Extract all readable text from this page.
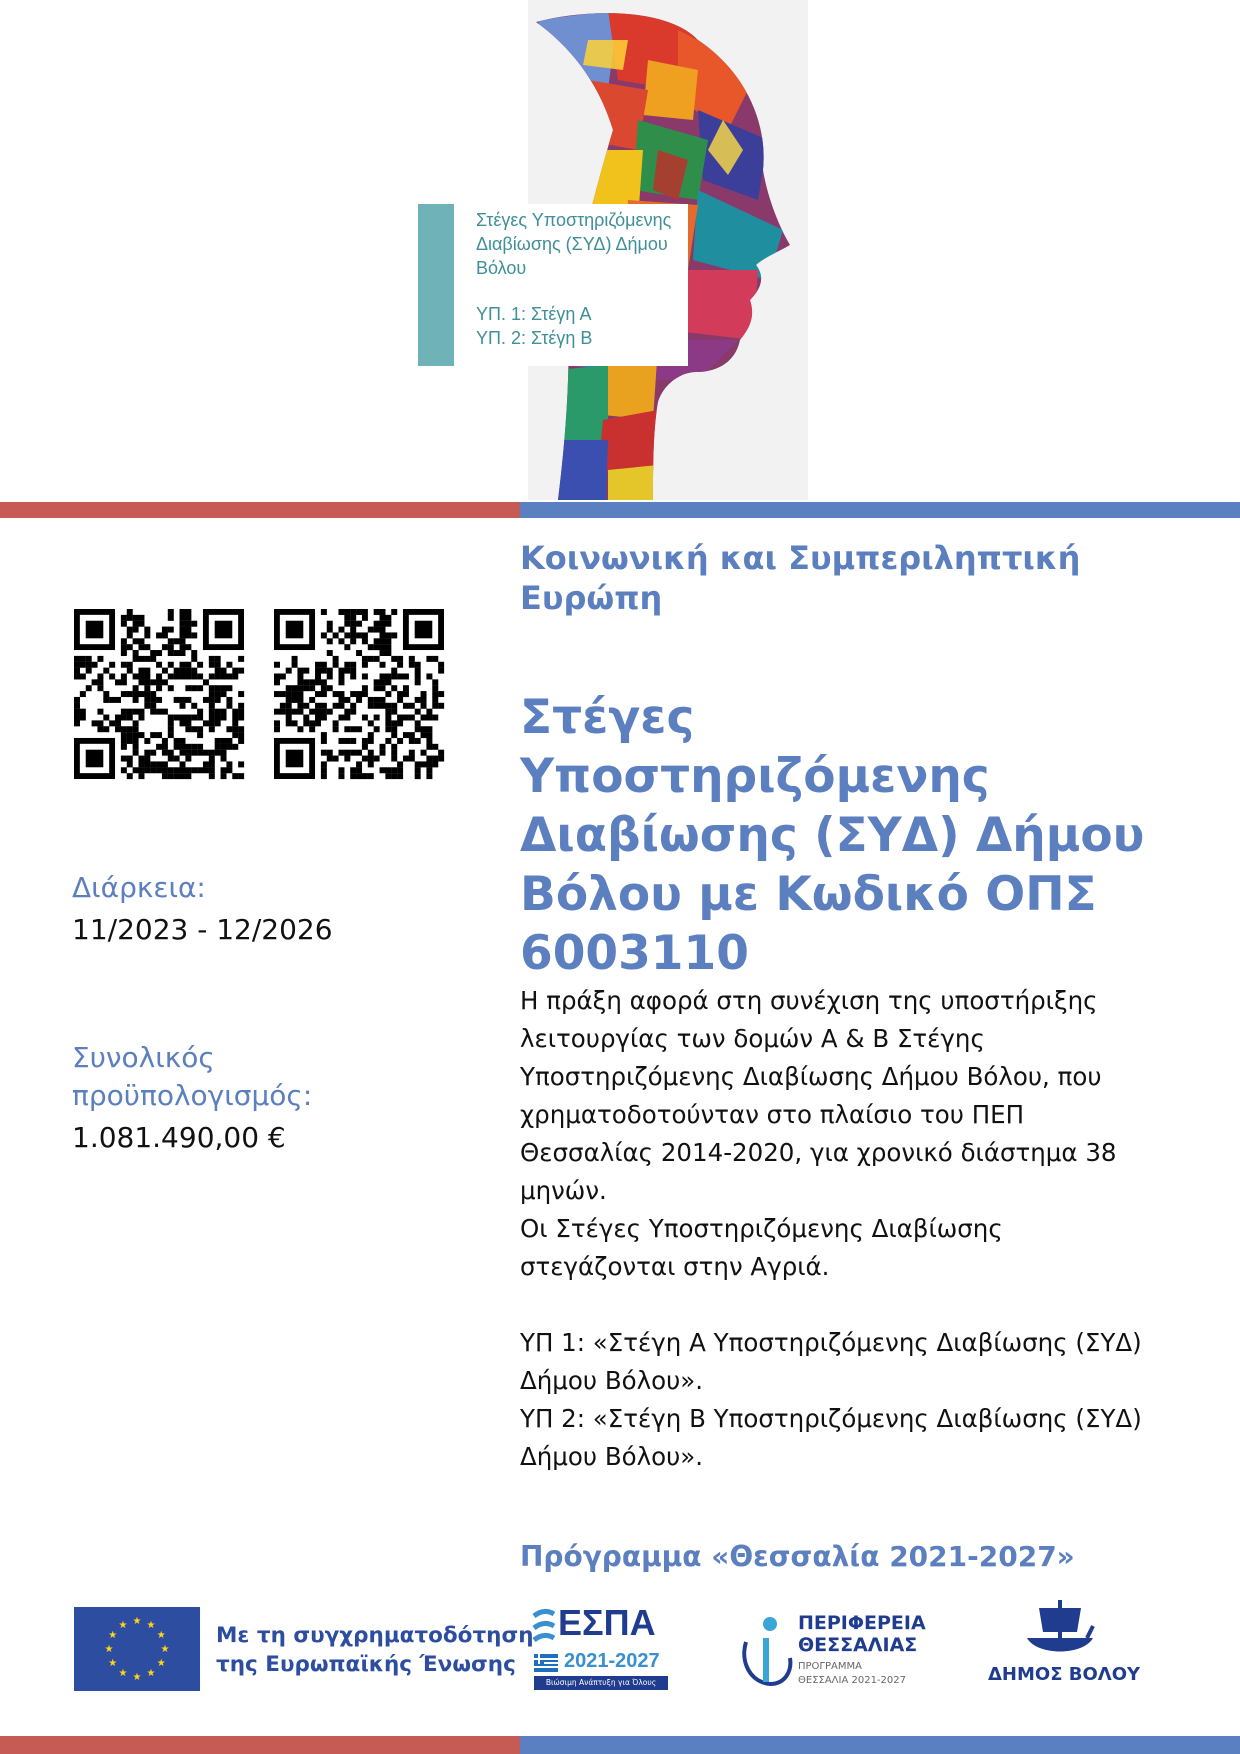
Στέγες Υποστηριζόμενης
Διαβίωσης (ΣΥΔ) Δήμου
Βόλου
ΥΠ. 1: Στέγη Α
ΥΠ. 2: Στέγη Β
Διάρκεια:
11/2023 - 12/2026
Συνολικός
προϋπολογισμός:
1.081.490,00 €
Κοινωνική και Συμπεριληπτική
Ευρώπη
Στέγες Υποστηριζόμενης
Διαβίωσης (ΣΥΔ) Δήμου
Βόλου με Κωδικό ΟΠΣ
6003110

Η πράξη αφορά στη συνέχιση της υποστήριξης λειτουργίας των δομών Α & Β Στέγης Υποστηριζόμενης Διαβίωσης Δήμου Βόλου, που χρηματοδοτούνταν στο πλαίσιο του ΠΕΠ Θεσσαλίας 2014-2020, για χρονικό διάστημα 38 μηνών.

Οι Στέγες Υποστηριζόμενης Διαβίωσης στεγάζονται στην Αγριά.

ΥΠ 1: «Στέγη Α Υποστηριζόμενης Διαβίωσης (ΣΥΔ) Δήμου Βόλου».

ΥΠ 2: «Στέγη Β Υποστηριζόμενης Διαβίωσης (ΣΥΔ) Δήμου Βόλου».

Πρόγραμμα «Θεσσαλία 2021-2027»
★
★
★
★
★
★
★
★
★ ★ ★
★ Με τη συγχρηματοδότηση
της Ευρωπαϊκής Ένωσης
ΕΣΠΑ
2021-2027
Βιώσιμη Ανάπτυξη για Όλους
ΠΕΡΙΦΕΡΕΙΑ
ΘΕΣΣΑΛΙΑΣ
ΠΡΟΓΡΑΜΜΑ
ΘΕΣΣΑΛΙΑ 2021-2027	ΔΗΜΟΣ ΒΟΛΟΥ
